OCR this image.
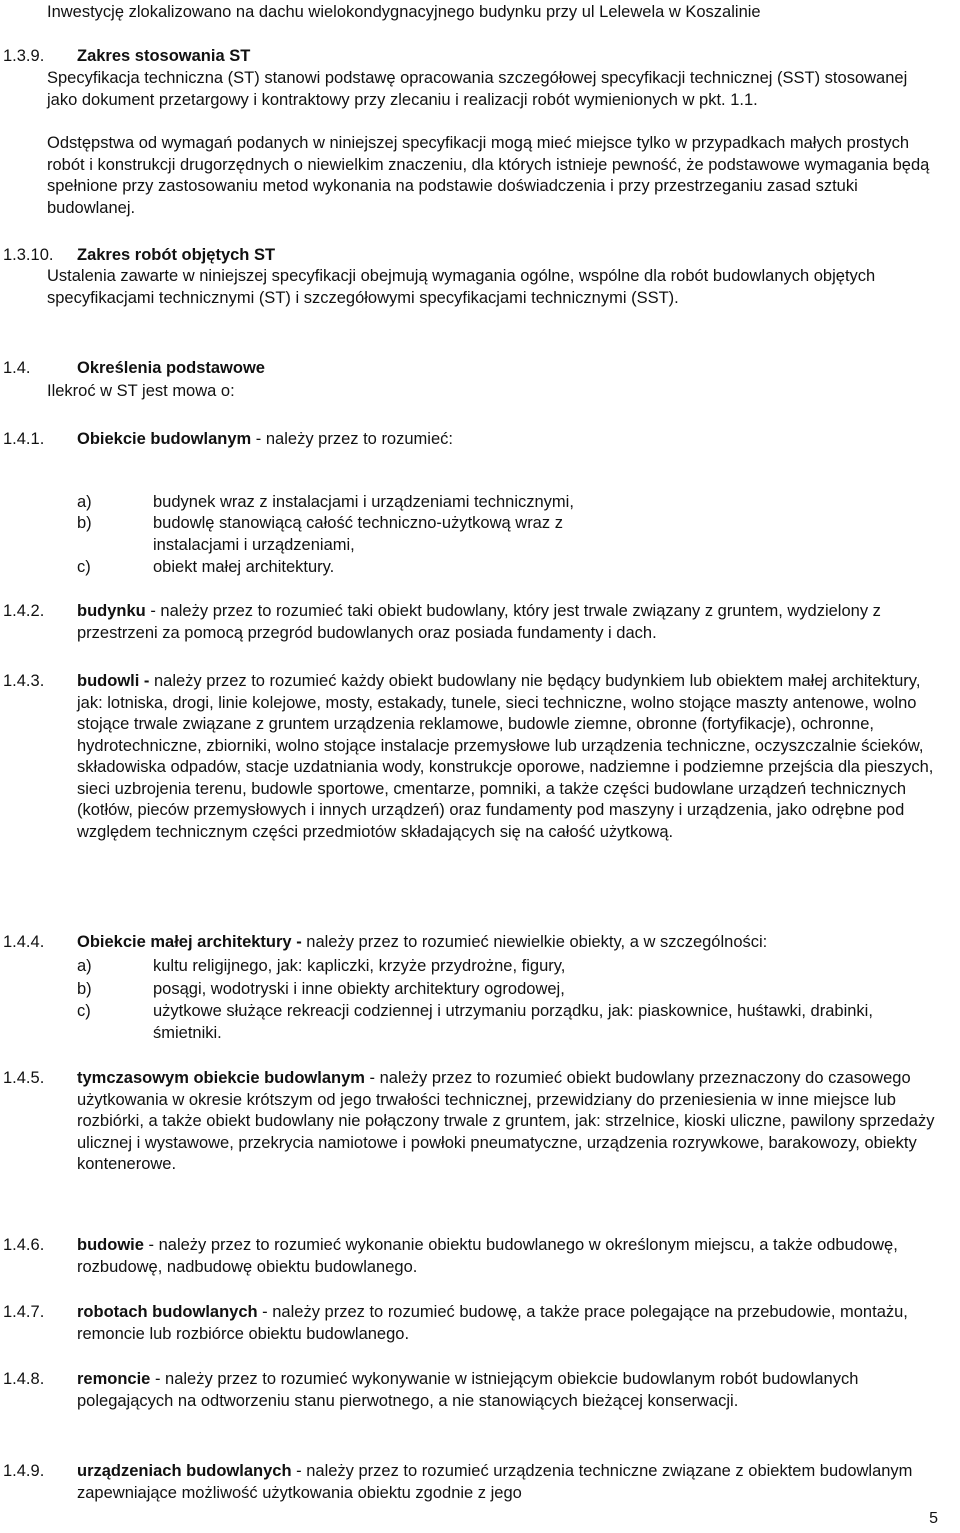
Inwestycję zlokalizowano na dachu wielokondygnacyjnego budynku przy ul Lelewela w Koszalinie
1.3.9. Zakres stosowania ST
Specyfikacja techniczna (ST) stanowi podstawę opracowania szczegółowej specyfikacji technicznej (SST) stosowanej jako dokument przetargowy i kontraktowy przy zlecaniu i realizacji robót wymienionych w pkt. 1.1.
Odstępstwa od wymagań podanych w niniejszej specyfikacji mogą mieć miejsce tylko w przypadkach małych prostych robót i konstrukcji drugorzędnych o niewielkim znaczeniu, dla których istnieje pewność, że podstawowe wymagania będą spełnione przy zastosowaniu metod wykonania na podstawie doświadczenia i przy przestrzeganiu zasad sztuki budowlanej.
1.3.10. Zakres robót objętych ST
Ustalenia zawarte w niniejszej specyfikacji obejmują wymagania ogólne, wspólne dla robót budowlanych objętych specyfikacjami technicznymi (ST) i szczegółowymi specyfikacjami technicznymi (SST).
1.4.	Określenia podstawowe
Ilekroć w ST jest mowa o:
1.4.1. Obiekcie budowlanym - należy przez to rozumieć:
a)	budynek wraz z instalacjami i urządzeniami technicznymi,
b)	budowlę stanowiącą całość techniczno-użytkową wraz z instalacjami i urządzeniami,
c)	obiekt małej architektury.
1.4.2. budynku - należy przez to rozumieć taki obiekt budowlany, który jest trwale związany z gruntem, wydzielony z przestrzeni za pomocą przegród budowlanych oraz posiada fundamenty i dach.
1.4.3. budowli - należy przez to rozumieć każdy obiekt budowlany nie będący budynkiem lub obiektem małej architektury, jak: lotniska, drogi, linie kolejowe, mosty, estakady, tunele, sieci techniczne, wolno stojące maszty antenowe, wolno stojące trwale związane z gruntem urządzenia reklamowe, budowle ziemne, obronne (fortyfikacje), ochronne, hydrotechniczne, zbiorniki, wolno stojące instalacje przemysłowe lub urządzenia techniczne, oczyszczalnie ścieków, składowiska odpadów, stacje uzdatniania wody, konstrukcje oporowe, nadziemne i podziemne przejścia dla pieszych, sieci uzbrojenia terenu, budowle sportowe, cmentarze, pomniki, a także części budowlane urządzeń technicznych (kotłów, pieców przemysłowych i innych urządzeń) oraz fundamenty pod maszyny i urządzenia, jako odrębne pod względem technicznym części przedmiotów składających się na całość użytkową.
1.4.4. Obiekcie małej architektury - należy przez to rozumieć niewielkie obiekty, a w szczególności:
a)	kultu religijnego, jak: kapliczki, krzyże przydrożne, figury,
b)	posągi, wodotryski i inne obiekty architektury ogrodowej,
c)	użytkowe służące rekreacji codziennej i utrzymaniu porządku, jak: piaskownice, huśtawki, drabinki, śmietniki.
1.4.5. tymczasowym obiekcie budowlanym - należy przez to rozumieć obiekt budowlany przeznaczony do czasowego użytkowania w okresie krótszym od jego trwałości technicznej, przewidziany do przeniesienia w inne miejsce lub rozbiórki, a także obiekt budowlany nie połączony trwale z gruntem, jak: strzelnice, kioski uliczne, pawilony sprzedaży ulicznej i wystawowe, przekrycia namiotowe i powłoki pneumatyczne, urządzenia rozrywkowe, barakowozy, obiekty kontenerowe.
1.4.6. budowie - należy przez to rozumieć wykonanie obiektu budowlanego w określonym miejscu, a także odbudowę, rozbudowę, nadbudowę obiektu budowlanego.
1.4.7. robotach budowlanych - należy przez to rozumieć budowę, a także prace polegające na przebudowie, montażu, remoncie lub rozbiórce obiektu budowlanego.
1.4.8. remoncie - należy przez to rozumieć wykonywanie w istniejącym obiekcie budowlanym robót budowlanych polegających na odtworzeniu stanu pierwotnego, a nie stanowiących bieżącej konserwacji.
1.4.9. urządzeniach budowlanych - należy przez to rozumieć urządzenia techniczne związane z obiektem budowlanym zapewniające możliwość użytkowania obiektu zgodnie z jego
5
